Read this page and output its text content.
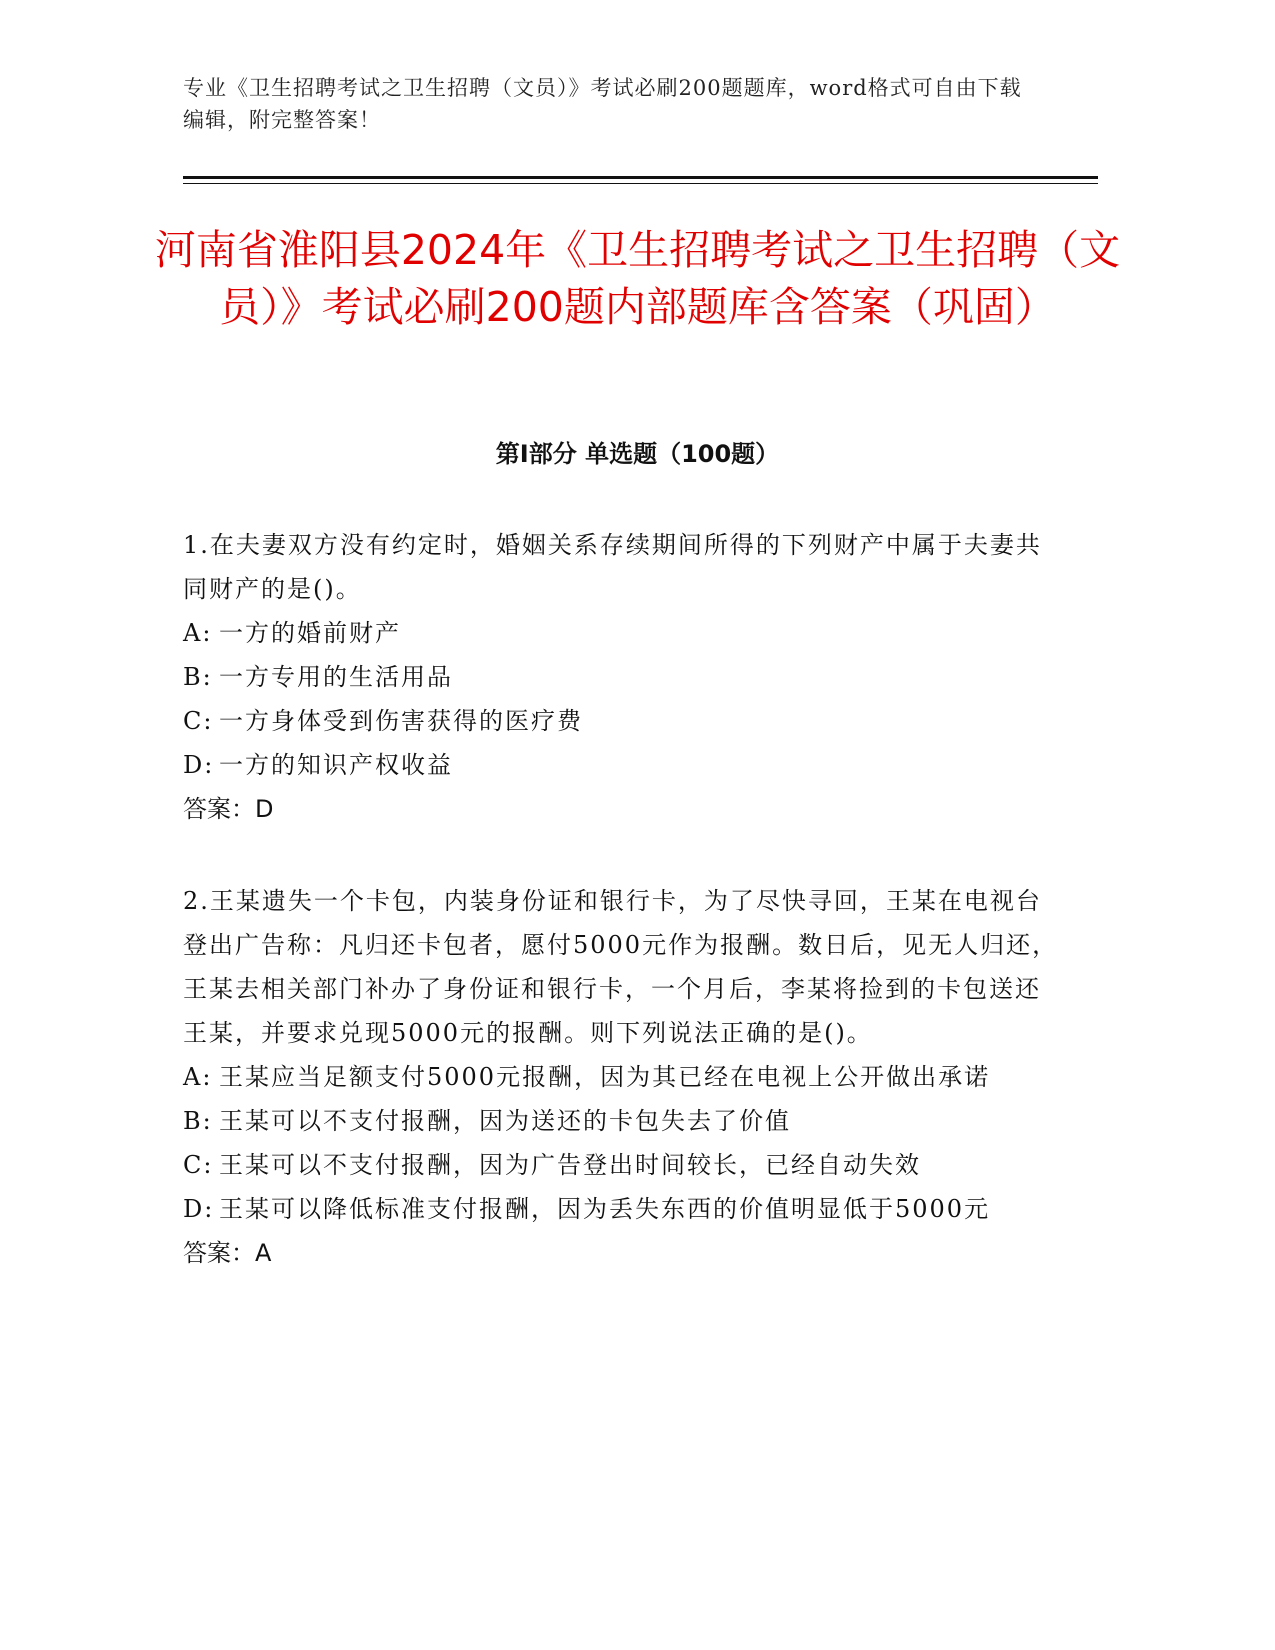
专业《卫生招聘考试之卫生招聘（文员）》考试必刷200题题库，word格式可自由下载编辑，附完整答案！
河南省淮阳县2024年《卫生招聘考试之卫生招聘（文员）》考试必刷200题内部题库含答案（巩固）
第I部分 单选题（100题）

1.在夫妻双方没有约定时，婚姻关系存续期间所得的下列财产中属于夫妻共同财产的是()。

A: 一方的婚前财产

B: 一方专用的生活用品

C: 一方身体受到伤害获得的医疗费

D: 一方的知识产权收益

答案：D

2.王某遗失一个卡包，内装身份证和银行卡，为了尽快寻回，王某在电视台登出广告称：凡归还卡包者，愿付5000元作为报酬。数日后，见无人归还，王某去相关部门补办了身份证和银行卡，一个月后，李某将捡到的卡包送还王某，并要求兑现5000元的报酬。则下列说法正确的是()。

A: 王某应当足额支付5000元报酬，因为其已经在电视上公开做出承诺

B: 王某可以不支付报酬，因为送还的卡包失去了价值

C: 王某可以不支付报酬，因为广告登出时间较长，已经自动失效

D: 王某可以降低标准支付报酬，因为丢失东西的价值明显低于5000元

答案：A
